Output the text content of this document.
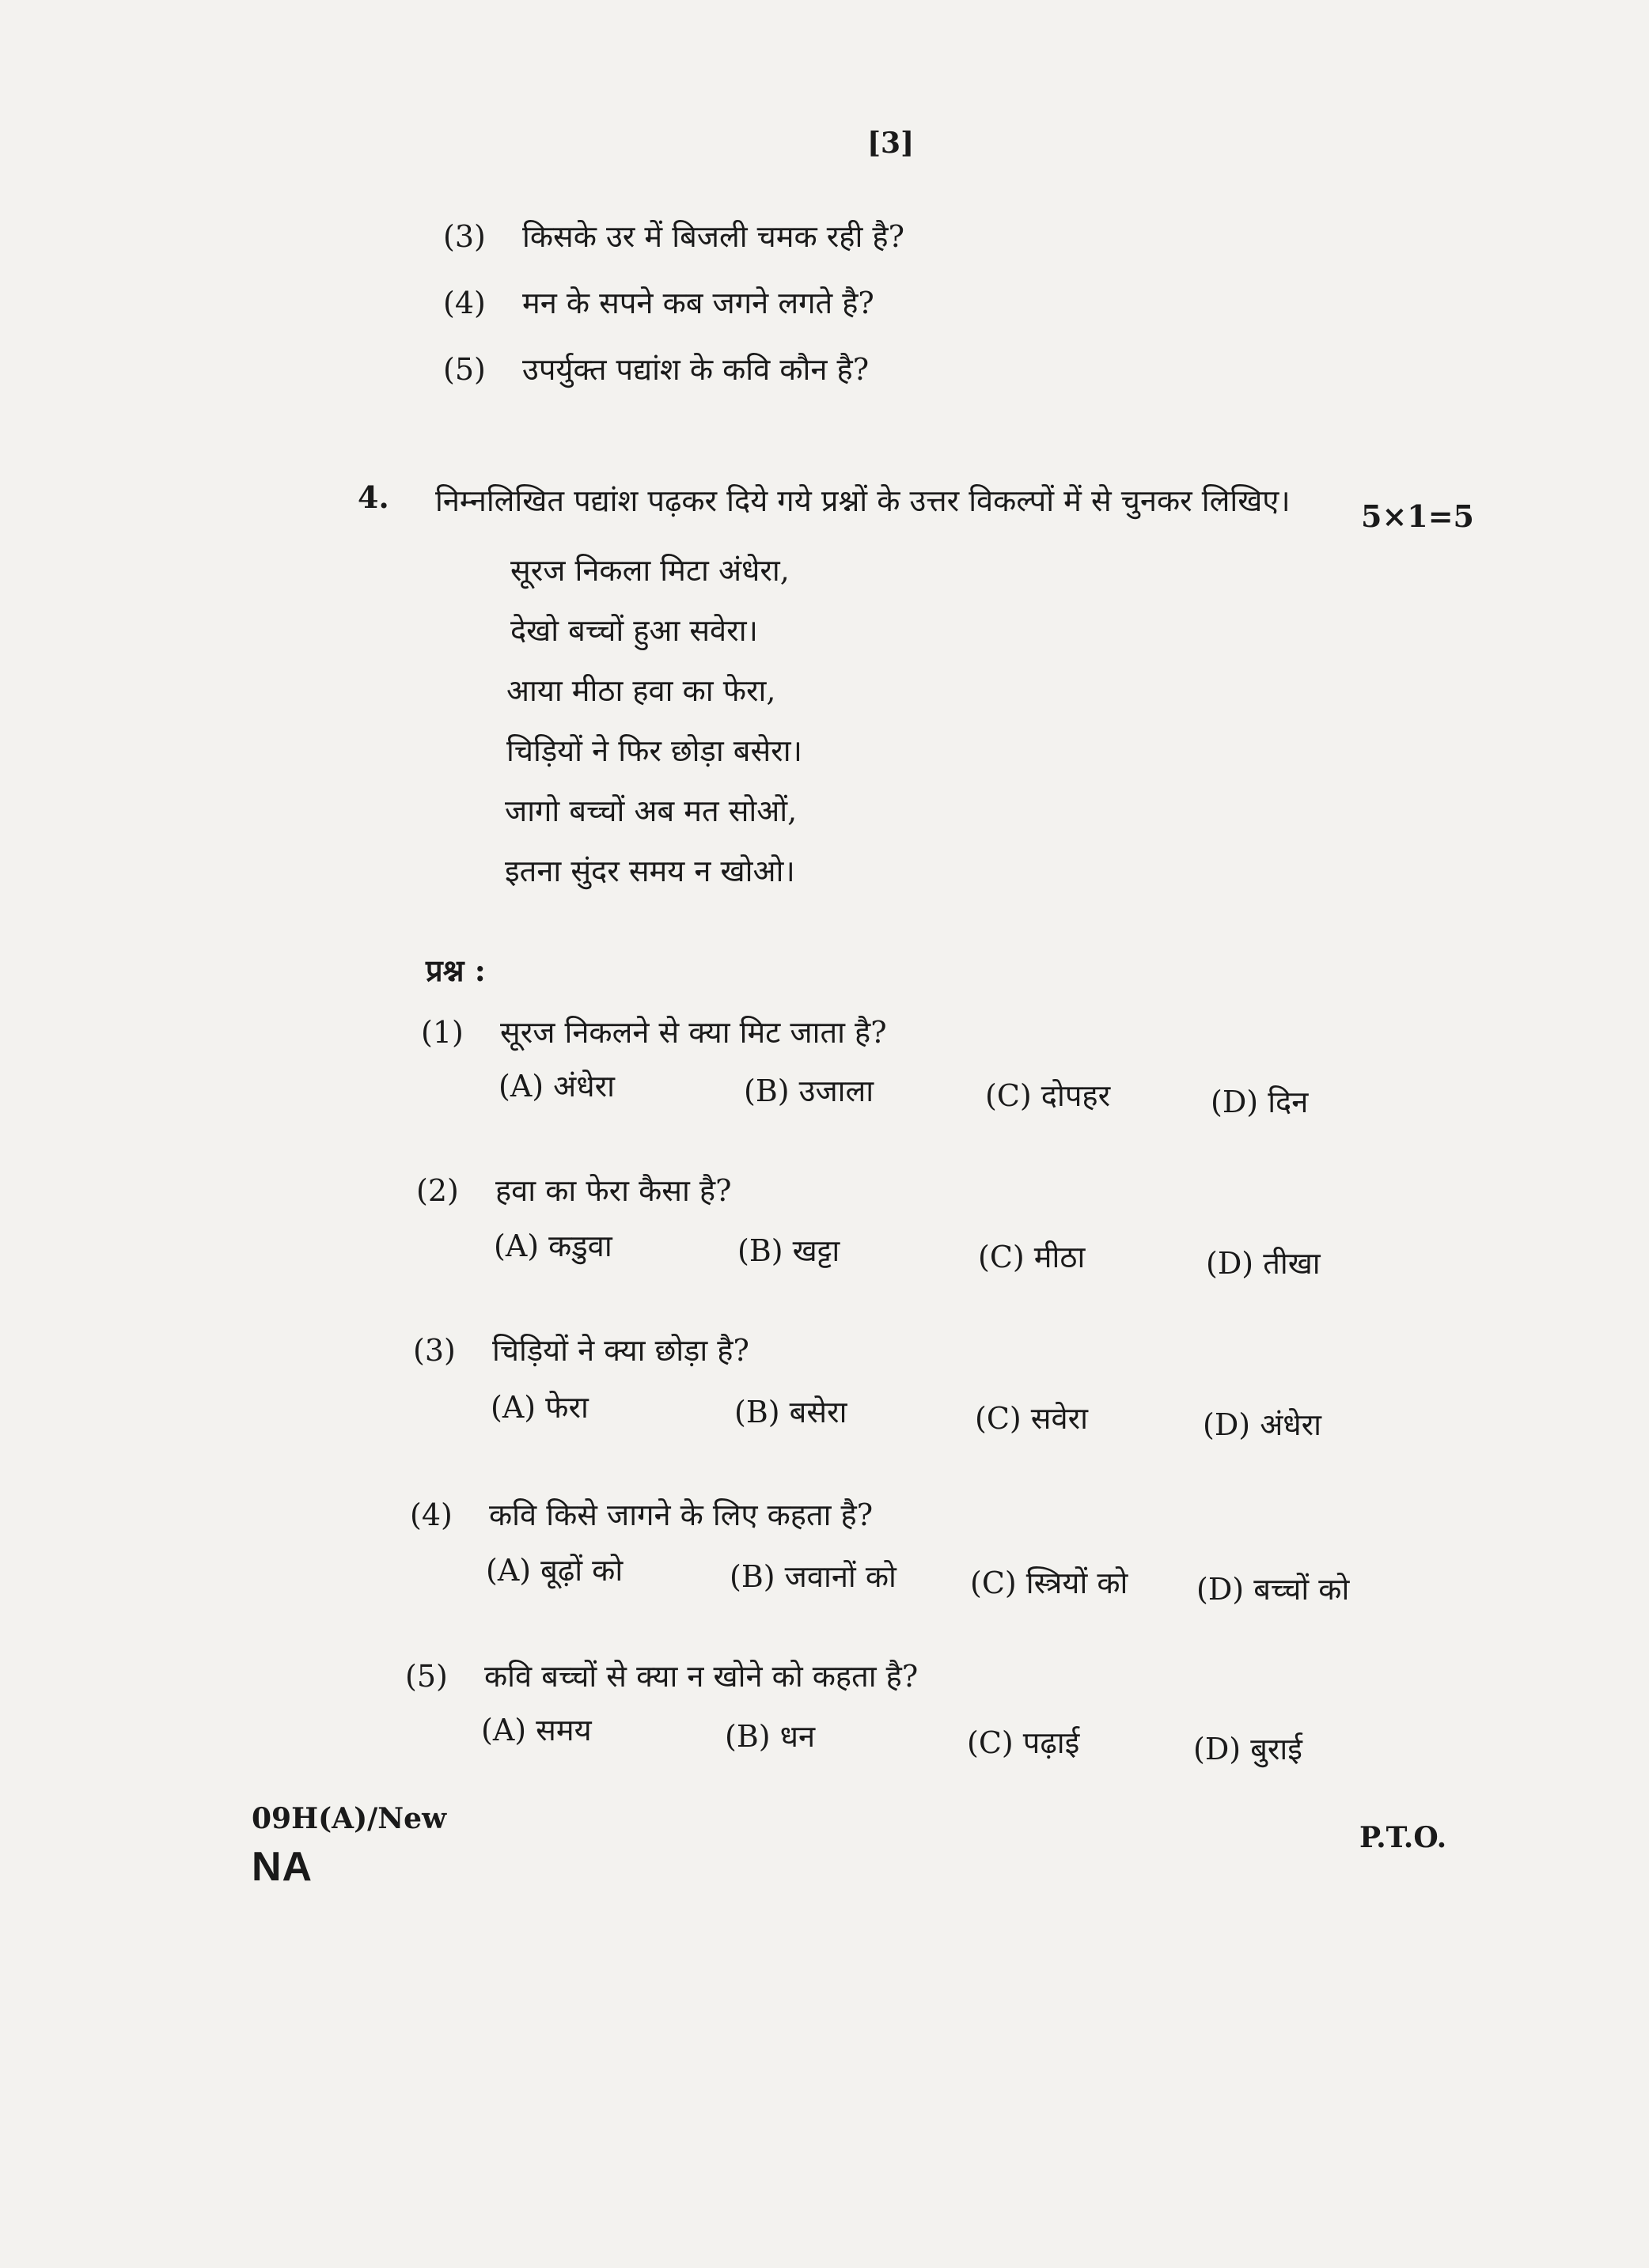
[3]
(3) किसके उर में बिजली चमक रही है?
(4) मन के सपने कब जगने लगते है?
(5) उपर्युक्त पद्यांश के कवि कौन है?
4. निम्नलिखित पद्यांश पढ़कर दिये गये प्रश्नों के उत्तर विकल्पों में से चुनकर लिखिए। 5×1=5
सूरज निकला मिटा अंधेरा,
देखो बच्चों हुआ सवेरा।
आया मीठा हवा का फेरा,
चिड़ियों ने फिर छोड़ा बसेरा।
जागो बच्चों अब मत सोओं,
इतना सुंदर समय न खोओ।
प्रश्न :
(1) सूरज निकलने से क्या मिट जाता है?
(A) अंधेरा	(B) उजाला	(C) दोपहर	(D) दिन
(2) हवा का फेरा कैसा है?
(A) कडुवा	(B) खट्टा	(C) मीठा	(D) तीखा
(3) चिड़ियों ने क्या छोड़ा है?
(A) फेरा	(B) बसेरा	(C) सवेरा	(D) अंधेरा
(4) कवि किसे जागने के लिए कहता है?
(A) बूढ़ों को	(B) जवानों को (C) स्त्रियों को (D) बच्चों को
(5) कवि बच्चों से क्या न खोने को कहता है?
(A) समय	(B) धन	(C) पढ़ाई	(D) बुराई
09H(A)/New
NA
P.T.O.
